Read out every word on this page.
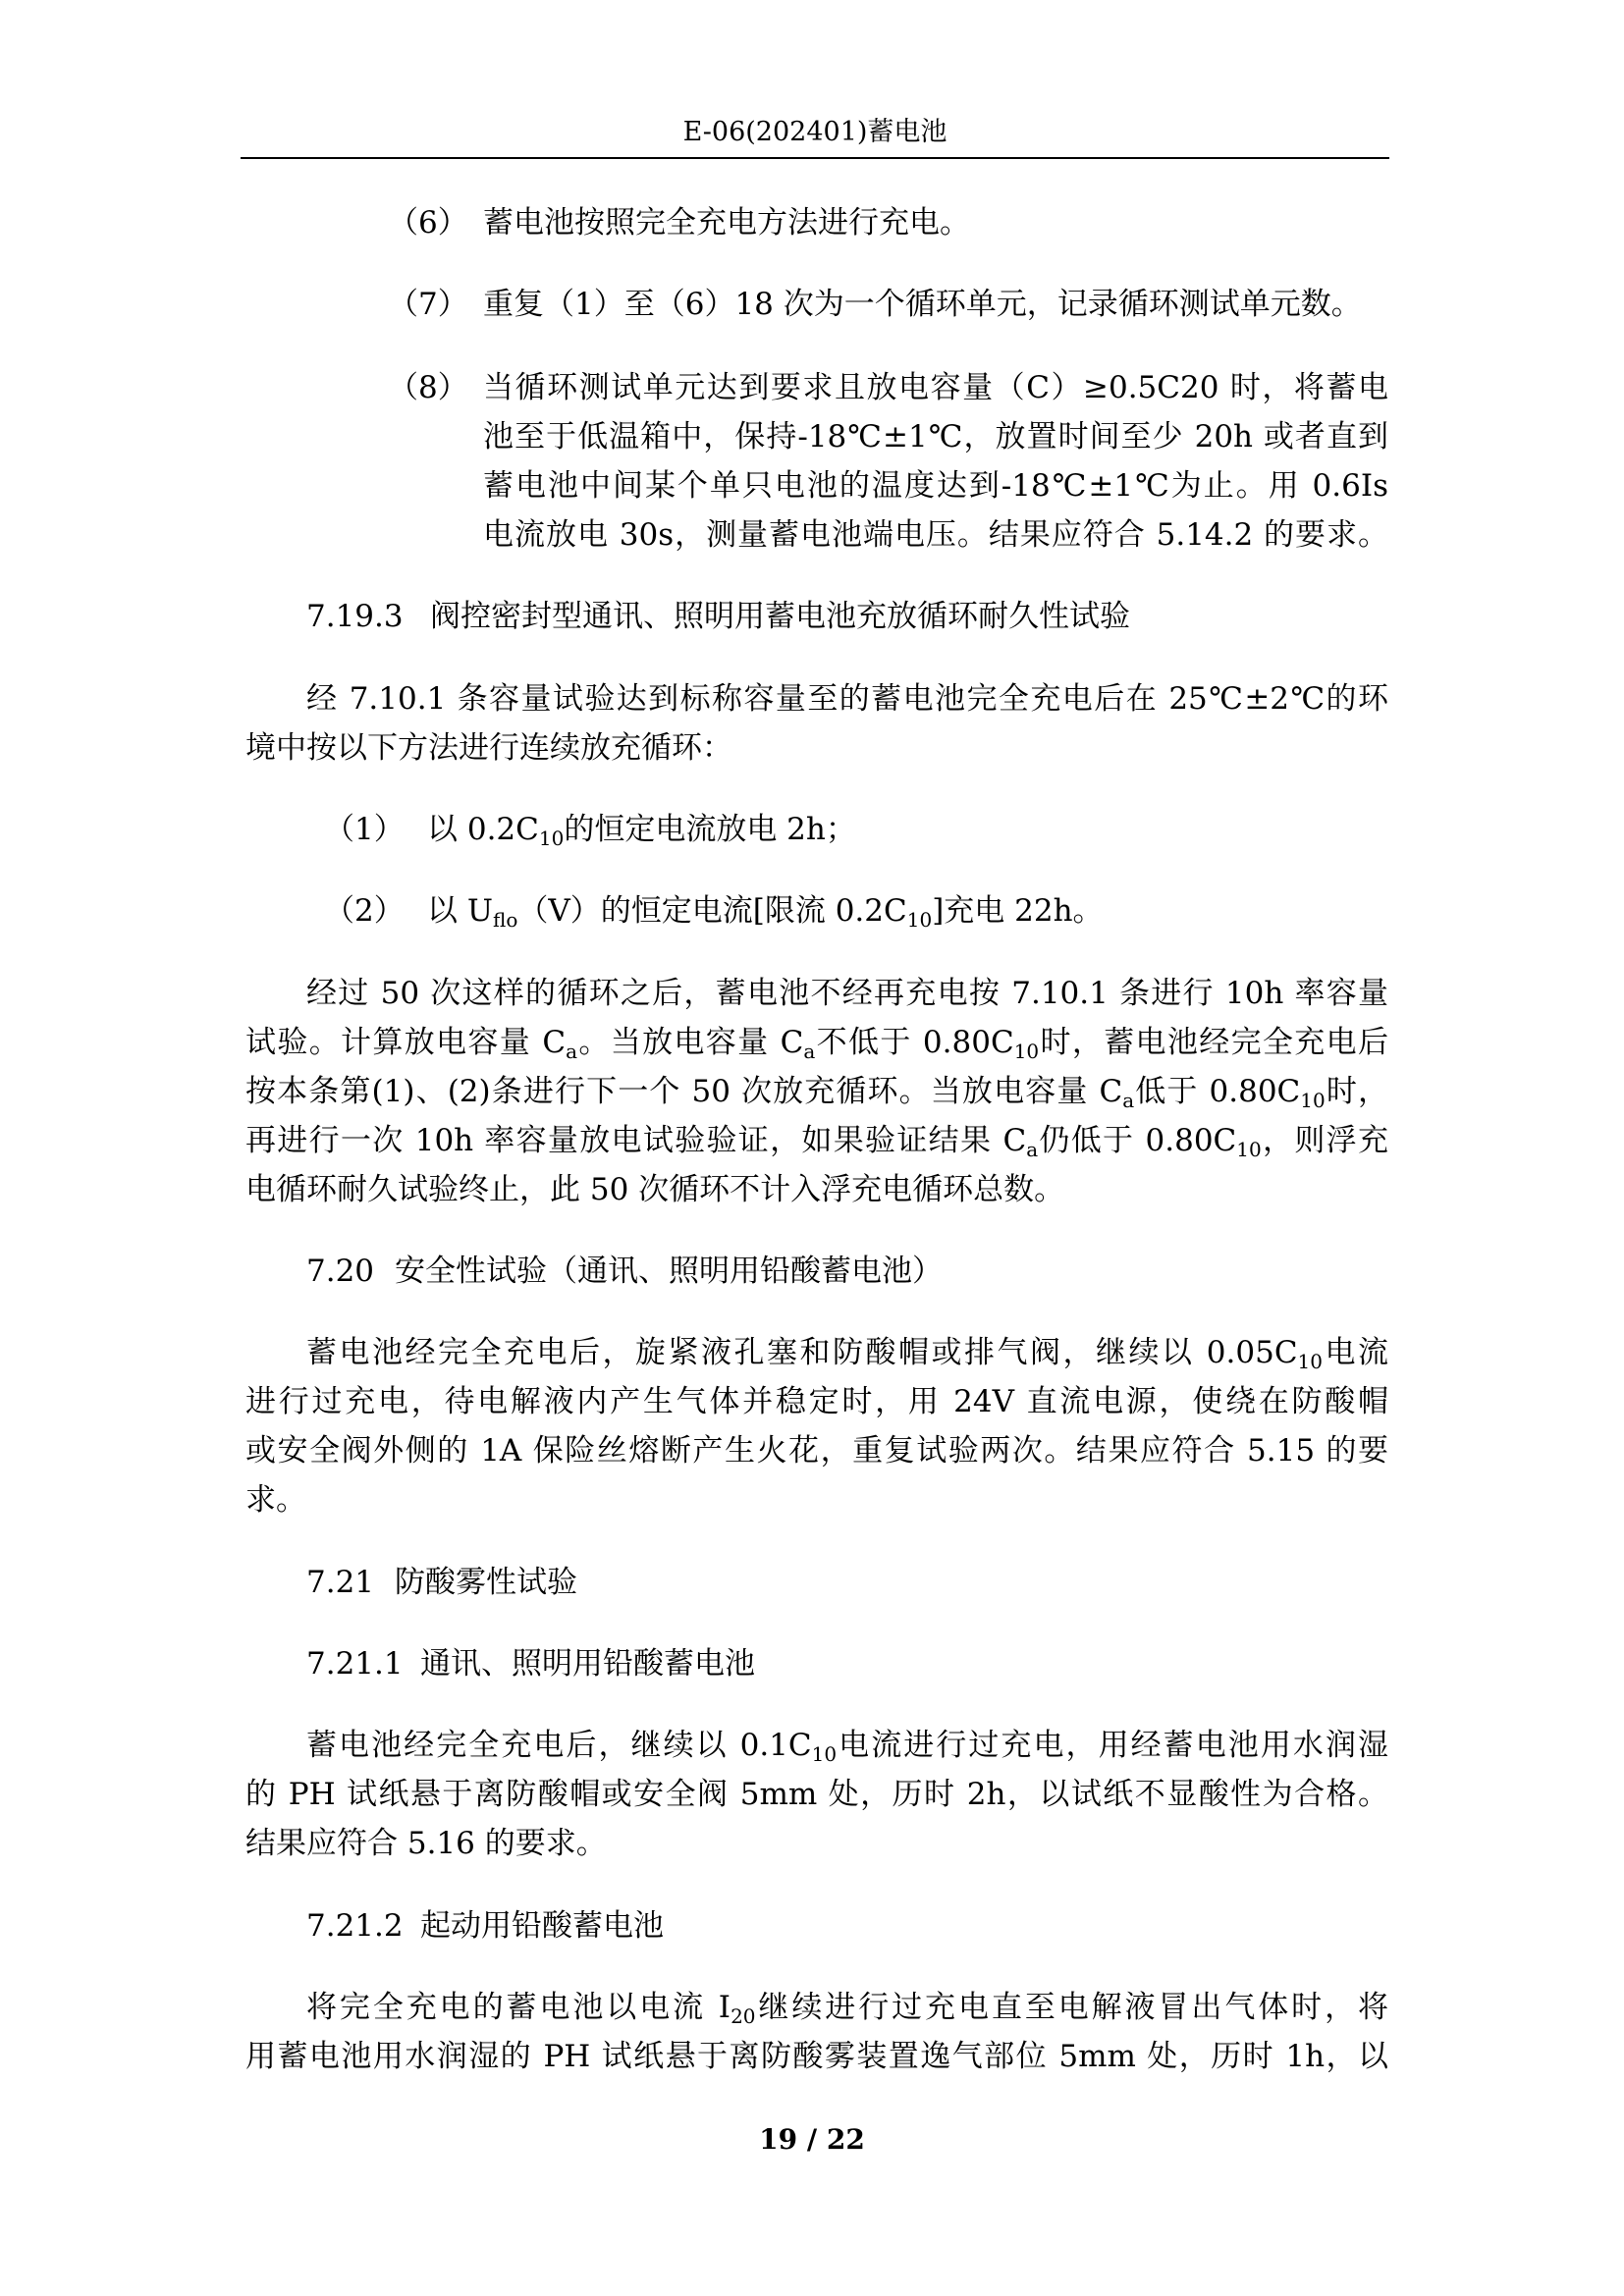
E-06(202401)蓄电池

（6） 蓄电池按照完全充电方法进行充电。

（7） 重复（1）至（6）18 次为一个循环单元，记录循环测试单元数。

（8） 当循环测试单元达到要求且放电容量（C）≥0.5C20 时，将蓄电

池至于低温箱中，保持-18℃±1℃，放置时间至少 20h 或者直到

蓄电池中间某个单只电池的温度达到-18℃±1℃为止。用 0.6Is

电流放电 30s，测量蓄电池端电压。结果应符合 5.14.2 的要求。

7.19.3 阀控密封型通讯、照明用蓄电池充放循环耐久性试验

经 7.10.1 条容量试验达到标称容量至的蓄电池完全充电后在 25℃±2℃的环

境中按以下方法进行连续放充循环：

（1） 以 $0.2C_{10}$的恒定电流放电 2h；

（2） 以 $U_{flo}(V)$的恒定电流[限流 $0.2C_{10}$]充电 22h。

经过 50 次这样的循环之后，蓄电池不经再充电按 7.10.1 条进行 10h 率容量

试验。计算放电容量 $C_a$。当放电容量 $C_a$不低于 $0.80C_{10}$时，蓄电池经完全充电后

按本条第(1)、(2)条进行下一个 50 次放充循环。当放电容量 $C_a$低于 $0.80C_{10}$时，

再进行一次 10h 率容量放电试验验证，如果验证结果 $C_a$仍低于 $0.80C_{10}$，则浮充

电循环耐久试验终止，此 50 次循环不计入浮充电循环总数。

7.20 安全性试验（通讯、照明用铅酸蓄电池）

蓄电池经完全充电后，旋紧液孔塞和防酸帽或排气阀，继续以 $0.05C_{10}$电流

进行过充电，待电解液内产生气体并稳定时，用 24V 直流电源，使绕在防酸帽

或安全阀外侧的 1A 保险丝熔断产生火花，重复试验两次。结果应符合 5.15 的要

求。

7.21 防酸雾性试验

7.21.1 通讯、照明用铅酸蓄电池

蓄电池经完全充电后，继续以 $0.1C_{10}$电流进行过充电，用经蓄电池用水润湿

的 PH 试纸悬于离防酸帽或安全阀 5mm 处，历时 2h，以试纸不显酸性为合格。

结果应符合 5.16 的要求。

7.21.2 起动用铅酸蓄电池

将完全充电的蓄电池以电流 $I_{20}$继续进行过充电直至电解液冒出气体时，将

用蓄电池用水润湿的 PH 试纸悬于离防酸雾装置逸气部位 5mm 处，历时 1h，以

19 / 22
